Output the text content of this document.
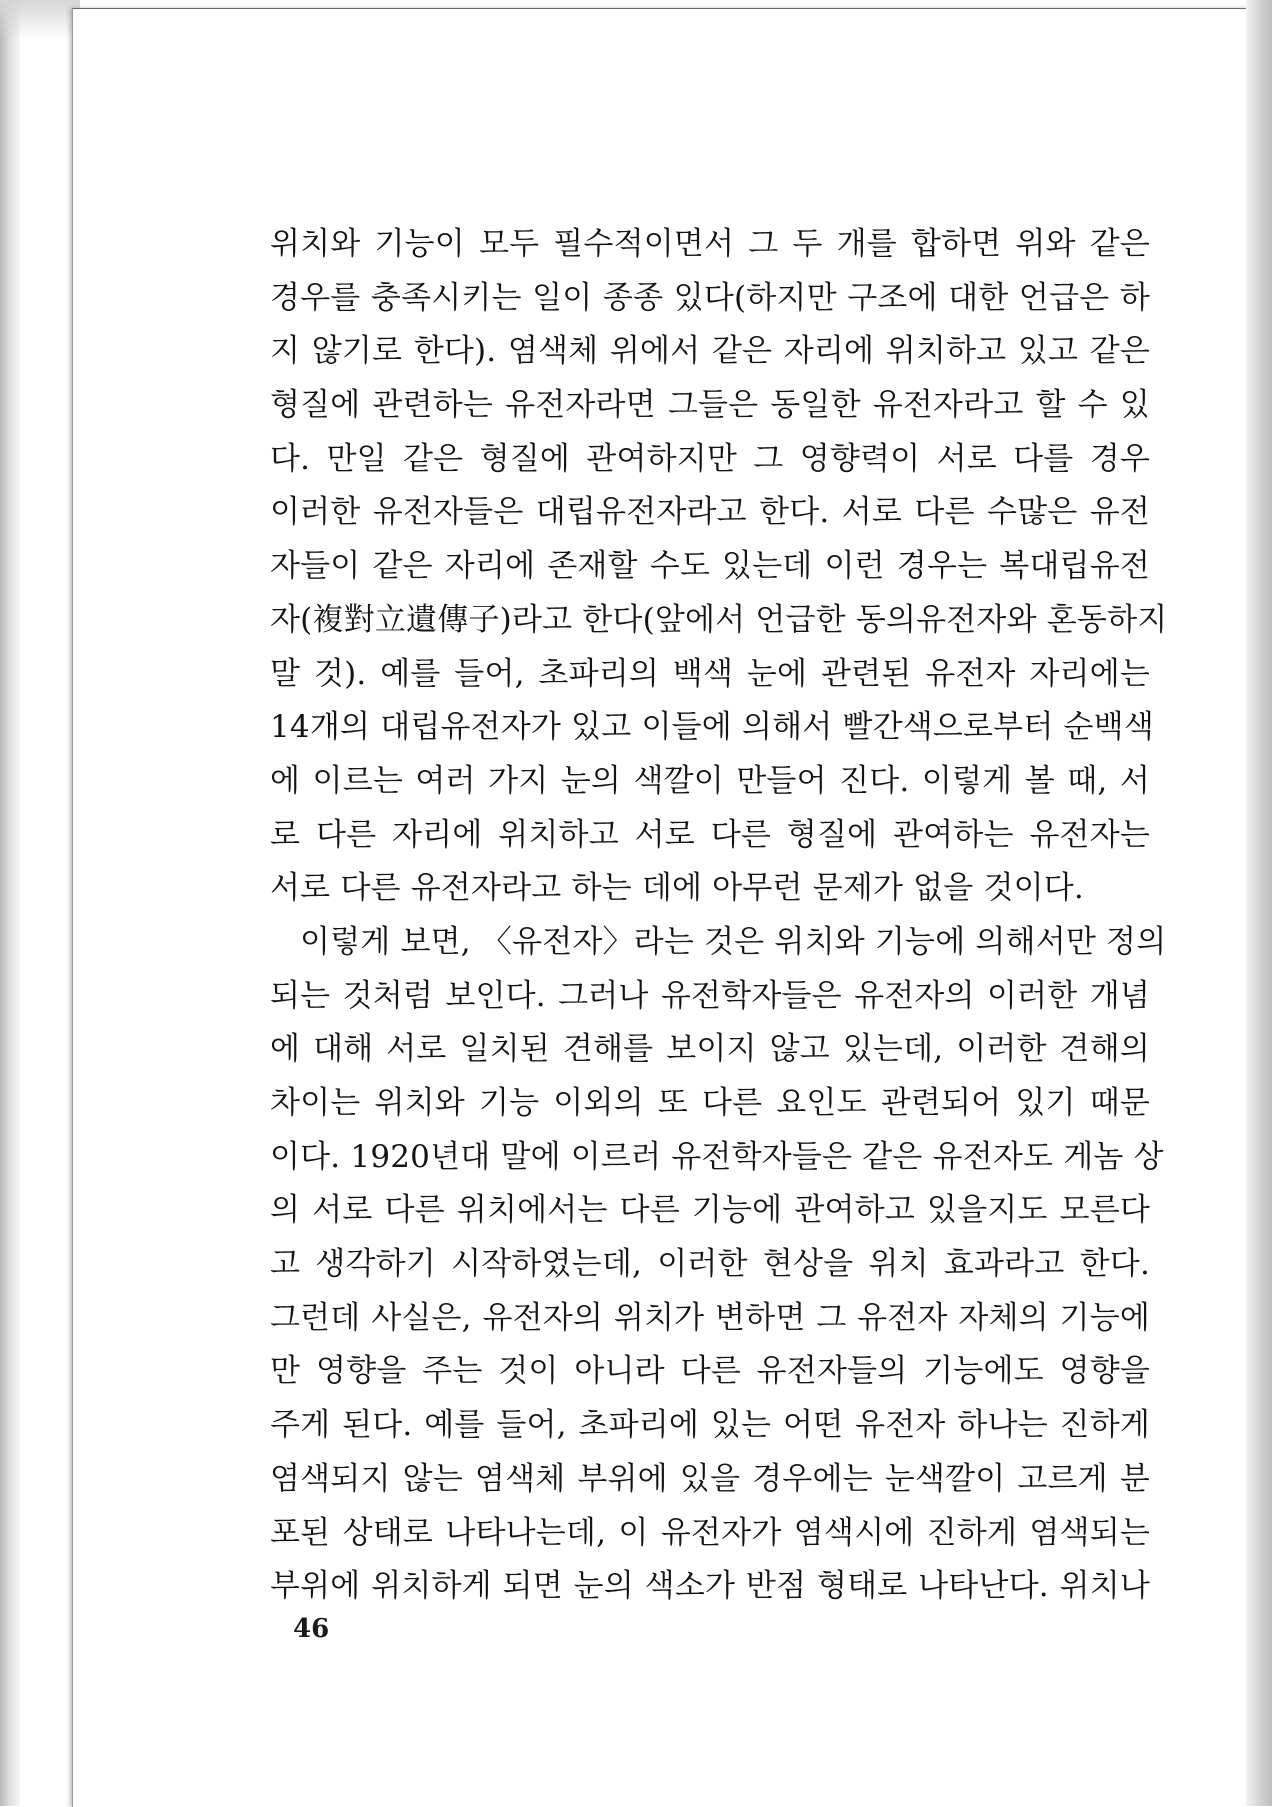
위치와 기능이 모두 필수적이면서 그 두 개를 합하면 위와 같은
경우를 충족시키는 일이 종종 있다(하지만 구조에 대한 언급은 하
지 않기로 한다). 염색체 위에서 같은 자리에 위치하고 있고 같은
형질에 관련하는 유전자라면 그들은 동일한 유전자라고 할 수 있
다. 만일 같은 형질에 관여하지만 그 영향력이 서로 다를 경우
이러한 유전자들은 대립유전자라고 한다. 서로 다른 수많은 유전
자들이 같은 자리에 존재할 수도 있는데 이런 경우는 복대립유전
자(複對立遺傳子)라고 한다(앞에서 언급한 동의유전자와 혼동하지
말 것). 예를 들어, 초파리의 백색 눈에 관련된 유전자 자리에는
14개의 대립유전자가 있고 이들에 의해서 빨간색으로부터 순백색
에 이르는 여러 가지 눈의 색깔이 만들어 진다. 이렇게 볼 때, 서
로 다른 자리에 위치하고 서로 다른 형질에 관여하는 유전자는
서로 다른 유전자라고 하는 데에 아무런 문제가 없을 것이다.
이렇게 보면, 〈유전자〉라는 것은 위치와 기능에 의해서만 정의
되는 것처럼 보인다. 그러나 유전학자들은 유전자의 이러한 개념
에 대해 서로 일치된 견해를 보이지 않고 있는데, 이러한 견해의
차이는 위치와 기능 이외의 또 다른 요인도 관련되어 있기 때문
이다. 1920년대 말에 이르러 유전학자들은 같은 유전자도 게놈 상
의 서로 다른 위치에서는 다른 기능에 관여하고 있을지도 모른다
고 생각하기 시작하였는데, 이러한 현상을 위치 효과라고 한다.
그런데 사실은, 유전자의 위치가 변하면 그 유전자 자체의 기능에
만 영향을 주는 것이 아니라 다른 유전자들의 기능에도 영향을
주게 된다. 예를 들어, 초파리에 있는 어떤 유전자 하나는 진하게
염색되지 않는 염색체 부위에 있을 경우에는 눈색깔이 고르게 분
포된 상태로 나타나는데, 이 유전자가 염색시에 진하게 염색되는
부위에 위치하게 되면 눈의 색소가 반점 형태로 나타난다. 위치나
46
